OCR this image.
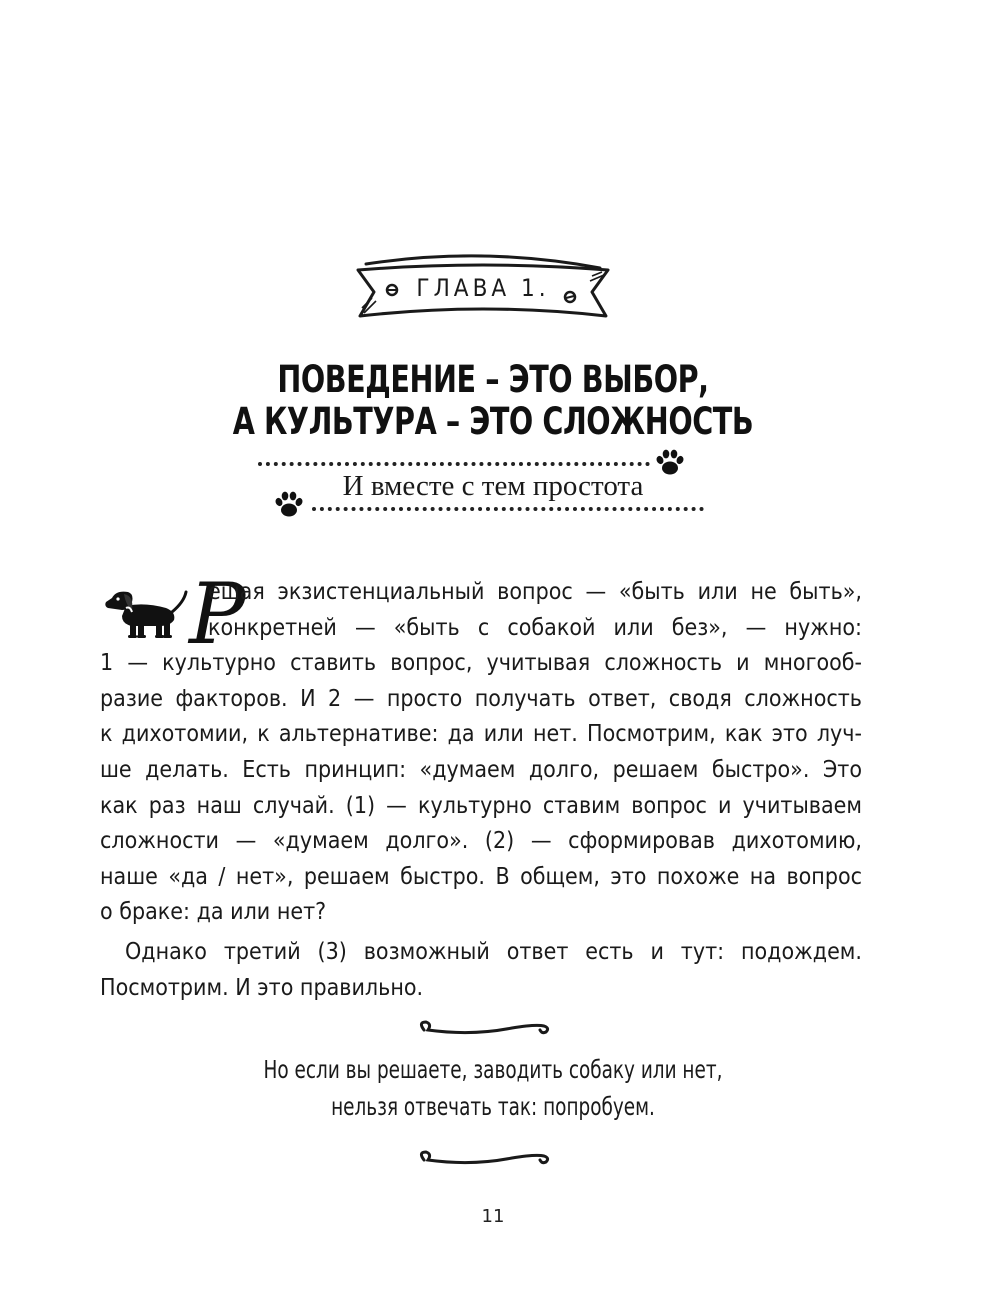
ГЛАВА 1.
ПОВЕДЕНИЕ – ЭТО ВЫБОР,
А КУЛЬТУРА – ЭТО СЛОЖНОСТЬ
И вместе с тем простота
Р
ешая экзистенциальный вопрос — «быть или не быть»,
конкретней — «быть с собакой или без», — нужно:
1 — культурно ставить вопрос, учитывая сложность и многооб-
разие факторов. И 2 — просто получать ответ, сводя сложность
к дихотомии, к альтернативе: да или нет. Посмотрим, как это луч-
ше делать. Есть принцип: «думаем долго, решаем быстро». Это
как раз наш случай. (1) — культурно ставим вопрос и учитываем
сложности — «думаем долго». (2) — сформировав дихотомию,
наше «да / нет», решаем быстро. В общем, это похоже на вопрос
о браке: да или нет?
Однако третий (3) возможный ответ есть и тут: подождем.
Посмотрим. И это правильно.
Но если вы решаете, заводить собаку или нет,
нельзя отвечать так: попробуем.
11
